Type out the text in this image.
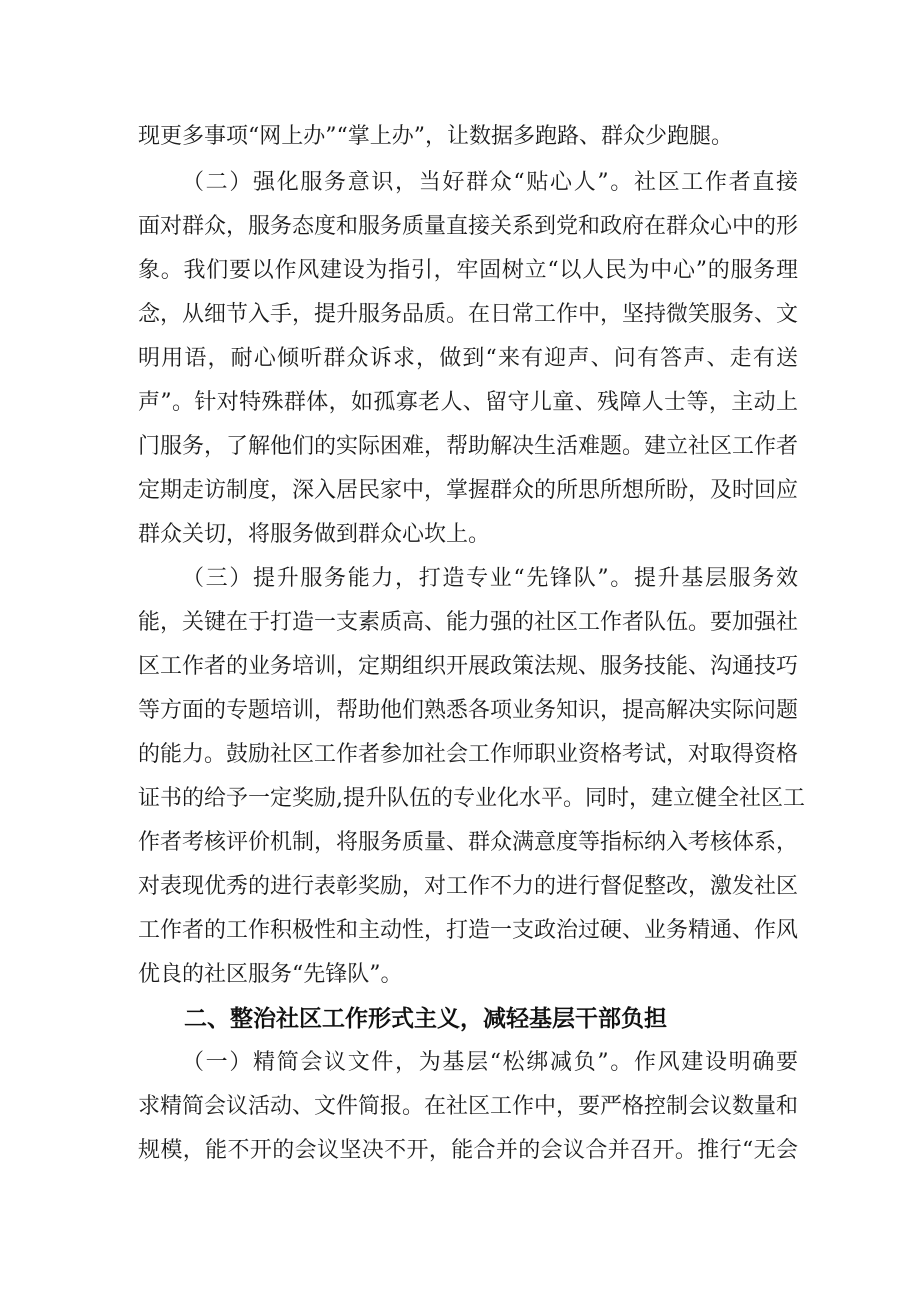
现更多事项“网上办”“掌上办”，让数据多跑路、群众少跑腿。
（二）强化服务意识，当好群众“贴心人”。社区工作者直接
面对群众，服务态度和服务质量直接关系到党和政府在群众心中的形
象。我们要以作风建设为指引，牢固树立“以人民为中心”的服务理
念，从细节入手，提升服务品质。在日常工作中，坚持微笑服务、文
明用语，耐心倾听群众诉求，做到“来有迎声、问有答声、走有送
声”。针对特殊群体，如孤寡老人、留守儿童、残障人士等，主动上
门服务，了解他们的实际困难，帮助解决生活难题。建立社区工作者
定期走访制度，深入居民家中，掌握群众的所思所想所盼，及时回应
群众关切，将服务做到群众心坎上。
（三）提升服务能力，打造专业“先锋队”。提升基层服务效
能，关键在于打造一支素质高、能力强的社区工作者队伍。要加强社
区工作者的业务培训，定期组织开展政策法规、服务技能、沟通技巧
等方面的专题培训，帮助他们熟悉各项业务知识，提高解决实际问题
的能力。鼓励社区工作者参加社会工作师职业资格考试，对取得资格
证书的给予一定奖励,提升队伍的专业化水平。同时，建立健全社区工
作者考核评价机制，将服务质量、群众满意度等指标纳入考核体系，
对表现优秀的进行表彰奖励，对工作不力的进行督促整改，激发社区
工作者的工作积极性和主动性，打造一支政治过硬、业务精通、作风
优良的社区服务“先锋队”。
二、整治社区工作形式主义，减轻基层干部负担
（一）精简会议文件，为基层“松绑减负”。作风建设明确要
求精简会议活动、文件简报。在社区工作中，要严格控制会议数量和
规模，能不开的会议坚决不开，能合并的会议合并召开。推行“无会
